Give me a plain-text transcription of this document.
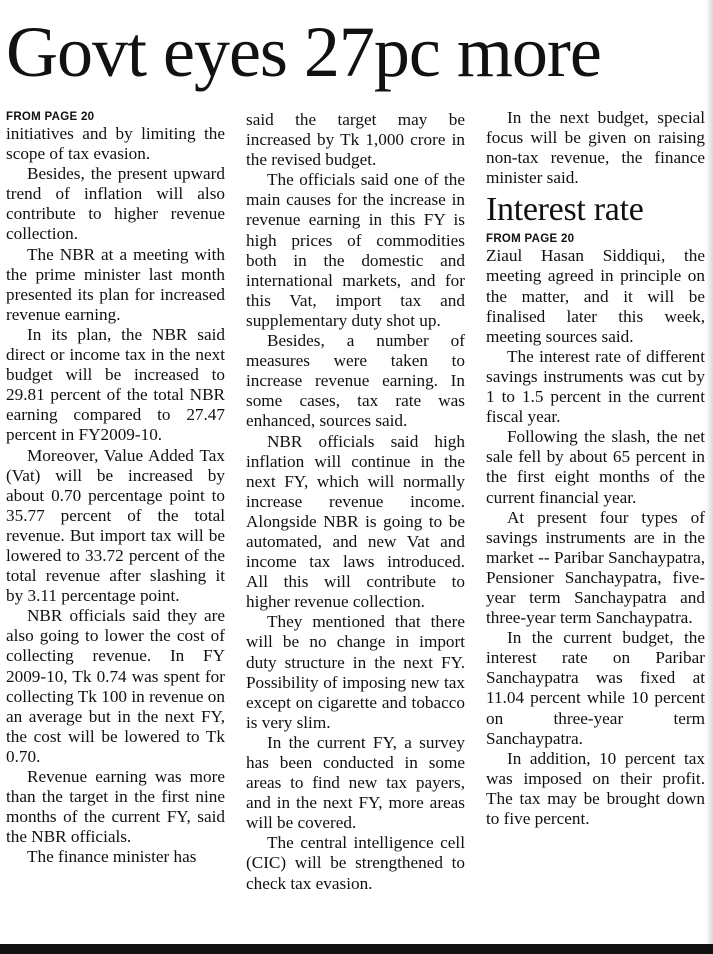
Govt eyes 27pc more

FROM PAGE 20

initiatives and by limiting the scope of tax evasion.

Besides, the present upward trend of inflation will also contribute to higher revenue collection.

The NBR at a meeting with the prime minister last month presented its plan for increased revenue earning.

In its plan, the NBR said direct or income tax in the next budget will be increased to 29.81 percent of the total NBR earning compared to 27.47 percent in FY2009-10.

Moreover, Value Added Tax (Vat) will be increased by about 0.70 percentage point to 35.77 percent of the total revenue. But import tax will be lowered to 33.72 percent of the total revenue after slashing it by 3.11 percentage point.

NBR officials said they are also going to lower the cost of collecting revenue. In FY 2009-10, Tk 0.74 was spent for collecting Tk 100 in revenue on an average but in the next FY, the cost will be lowered to Tk 0.70.

Revenue earning was more than the target in the first nine months of the current FY, said the NBR officials.

The finance minister has

said the target may be increased by Tk 1,000 crore in the revised budget.

The officials said one of the main causes for the increase in revenue earning in this FY is high prices of commodities both in the domestic and international markets, and for this Vat, import tax and supplementary duty shot up.

Besides, a number of measures were taken to increase revenue earning. In some cases, tax rate was enhanced, sources said.

NBR officials said high inflation will continue in the next FY, which will normally increase revenue income. Alongside NBR is going to be automated, and new Vat and income tax laws introduced. All this will contribute to higher revenue collection.

They mentioned that there will be no change in import duty structure in the next FY. Possibility of imposing new tax except on cigarette and tobacco is very slim.

In the current FY, a survey has been conducted in some areas to find new tax payers, and in the next FY, more areas will be covered.

The central intelligence cell (CIC) will be strengthened to check tax evasion.

In the next budget, special focus will be given on raising non-tax revenue, the finance minister said.

Interest rate

FROM PAGE 20

Ziaul Hasan Siddiqui, the meeting agreed in principle on the matter, and it will be finalised later this week, meeting sources said.

The interest rate of different savings instruments was cut by 1 to 1.5 percent in the current fiscal year.

Following the slash, the net sale fell by about 65 percent in the first eight months of the current financial year.

At present four types of savings instruments are in the market -- Paribar Sanchaypatra, Pensioner Sanchaypatra, five-year term Sanchaypatra and three-year term Sanchaypatra.

In the current budget, the interest rate on Paribar Sanchaypatra was fixed at 11.04 percent while 10 percent on three-year term Sanchaypatra.

In addition, 10 percent tax was imposed on their profit. The tax may be brought down to five percent.
